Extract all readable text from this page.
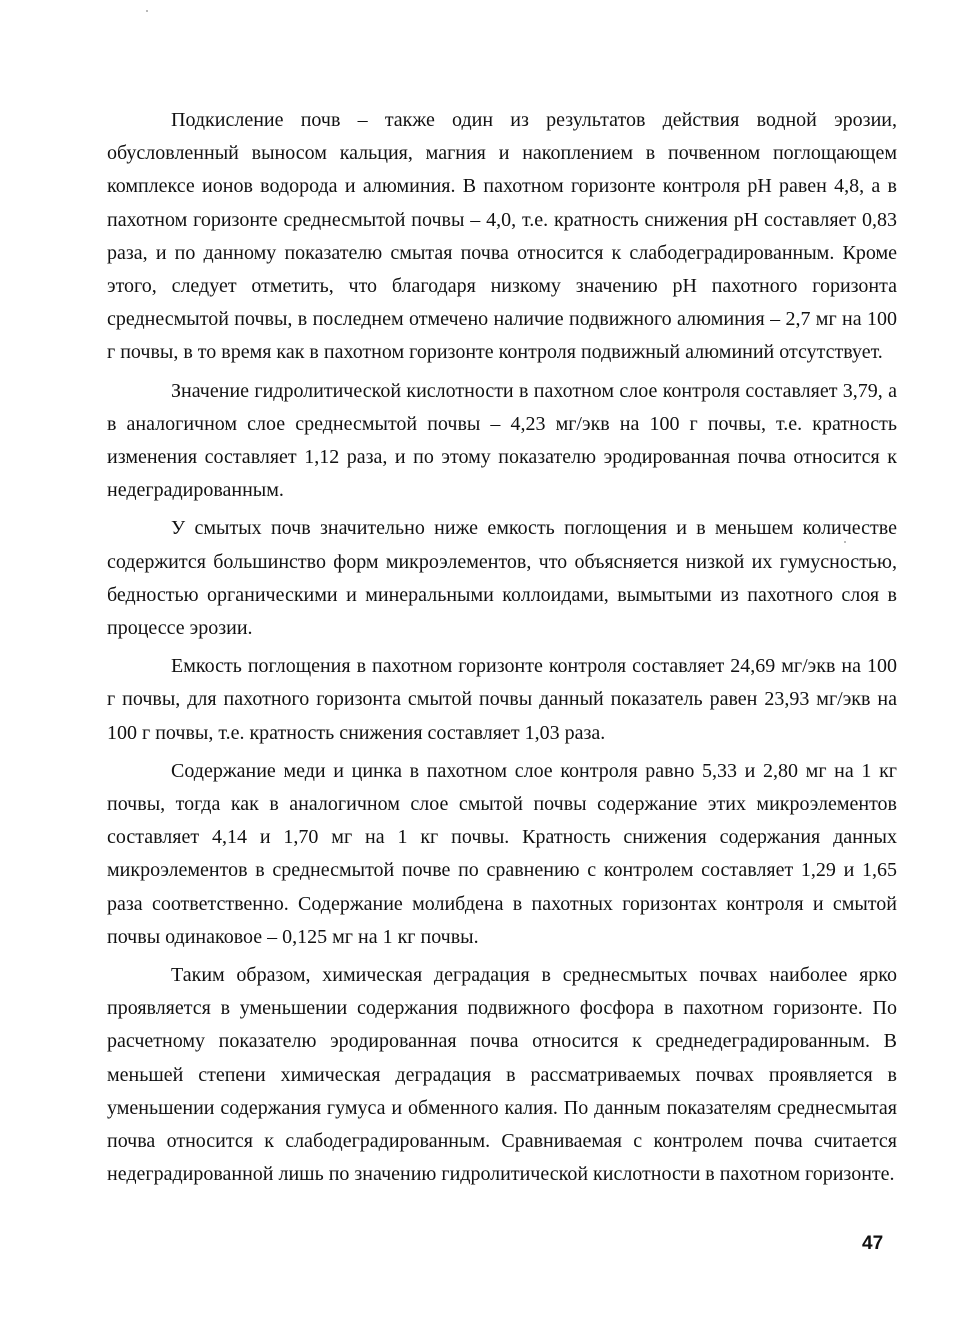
Подкисление почв – также один из результатов действия водной эрозии, обусловленный выносом кальция, магния и накоплением в почвенном поглощающем комплексе ионов водорода и алюминия. В пахотном горизонте контроля pH равен 4,8, а в пахотном горизонте среднесмытой почвы – 4,0, т.е. кратность снижения pH составляет 0,83 раза, и по данному показателю смытая почва относится к слабодеградированным. Кроме этого, следует отметить, что благодаря низкому значению pH пахотного горизонта среднесмытой почвы, в последнем отмечено наличие подвижного алюминия – 2,7 мг на 100 г почвы, в то время как в пахотном горизонте контроля подвижный алюминий отсутствует.

Значение гидролитической кислотности в пахотном слое контроля составляет 3,79, а в аналогичном слое среднесмытой почвы – 4,23 мг/экв на 100 г почвы, т.е. кратность изменения составляет 1,12 раза, и по этому показателю эродированная почва относится к недеградированным.

У смытых почв значительно ниже емкость поглощения и в меньшем количестве содержится большинство форм микроэлементов, что объясняется низкой их гумусностью, бедностью органическими и минеральными коллоидами, вымытыми из пахотного слоя в процессе эрозии.

Емкость поглощения в пахотном горизонте контроля составляет 24,69 мг/экв на 100 г почвы, для пахотного горизонта смытой почвы данный показатель равен 23,93 мг/экв на 100 г почвы, т.е. кратность снижения составляет 1,03 раза.

Содержание меди и цинка в пахотном слое контроля равно 5,33 и 2,80 мг на 1 кг почвы, тогда как в аналогичном слое смытой почвы содержание этих микроэлементов составляет 4,14 и 1,70 мг на 1 кг почвы. Кратность снижения содержания данных микроэлементов в среднесмытой почве по сравнению с контролем составляет 1,29 и 1,65 раза соответственно. Содержание молибдена в пахотных горизонтах контроля и смытой почвы одинаковое – 0,125 мг на 1 кг почвы.

Таким образом, химическая деградация в среднесмытых почвах наиболее ярко проявляется в уменьшении содержания подвижного фосфора в пахотном горизонте. По расчетному показателю эродированная почва относится к среднедеградированным. В меньшей степени химическая деградация в рассматриваемых почвах проявляется в уменьшении содержания гумуса и обменного калия. По данным показателям среднесмытая почва относится к слабодеградированным. Сравниваемая с контролем почва считается недеградированной лишь по значению гидролитической кислотности в пахотном горизонте.

47
